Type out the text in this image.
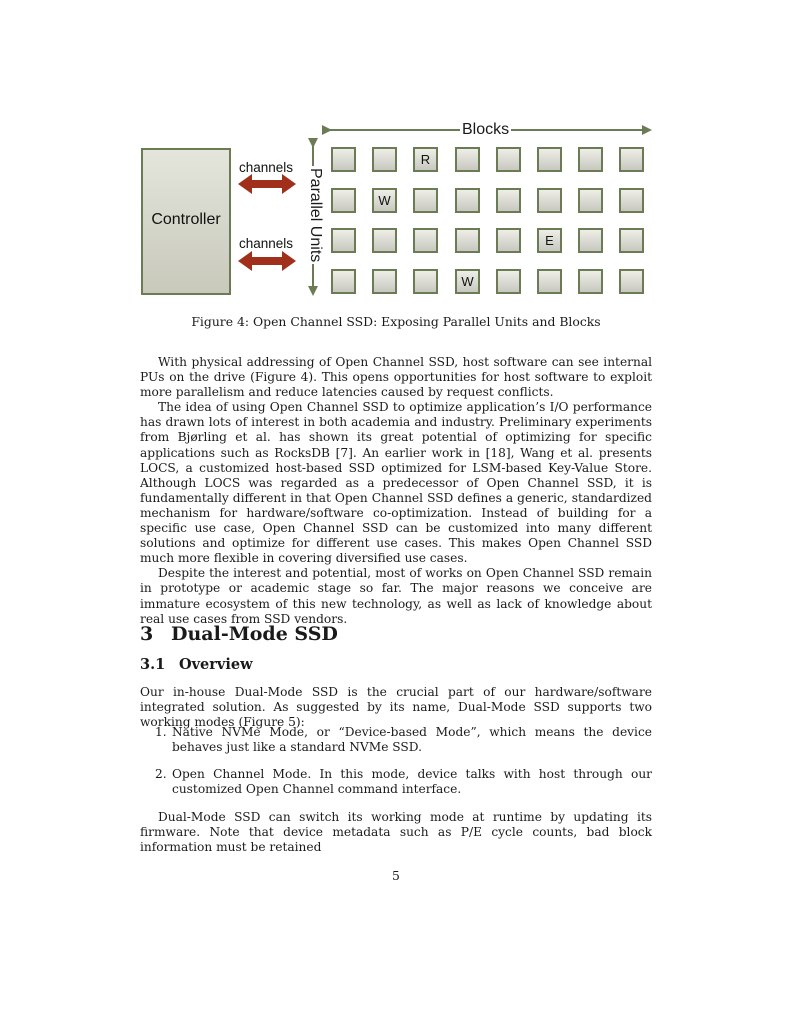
Controller
channels
channels
Blocks
Parallel Units
R
W
E
W
Figure 4: Open Channel SSD: Exposing Parallel Units and Blocks

With physical addressing of Open Channel SSD, host software can see internal PUs on the drive (Figure 4). This opens opportunities for host software to exploit more parallelism and reduce latencies caused by request conflicts.

The idea of using Open Channel SSD to optimize application’s I/O performance has drawn lots of interest in both academia and industry. Preliminary experiments from Bjørling et al. has shown its great potential of optimizing for specific applications such as RocksDB [7]. An earlier work in [18], Wang et al. presents LOCS, a customized host-based SSD optimized for LSM-based Key-Value Store. Although LOCS was regarded as a predecessor of Open Channel SSD, it is fundamentally different in that Open Channel SSD defines a generic, standardized mechanism for hardware/software co-optimization. Instead of building for a specific use case, Open Channel SSD can be customized into many different solutions and optimize for different use cases. This makes Open Channel SSD much more flexible in covering diversified use cases.

Despite the interest and potential, most of works on Open Channel SSD remain in prototype or academic stage so far. The major reasons we conceive are immature ecosystem of this new technology, as well as lack of knowledge about real use cases from SSD vendors.

3 Dual-Mode SSD
3.1 Overview
Our in-house Dual-Mode SSD is the crucial part of our hardware/software integrated solution. As suggested by its name, Dual-Mode SSD supports two working modes (Figure 5):
1. Native NVMe Mode, or “Device-based Mode”, which means the device behaves just like a standard NVMe SSD.
2. Open Channel Mode. In this mode, device talks with host through our customized Open Channel command interface.
Dual-Mode SSD can switch its working mode at runtime by updating its firmware. Note that device metadata such as P/E cycle counts, bad block information must be retained
5
